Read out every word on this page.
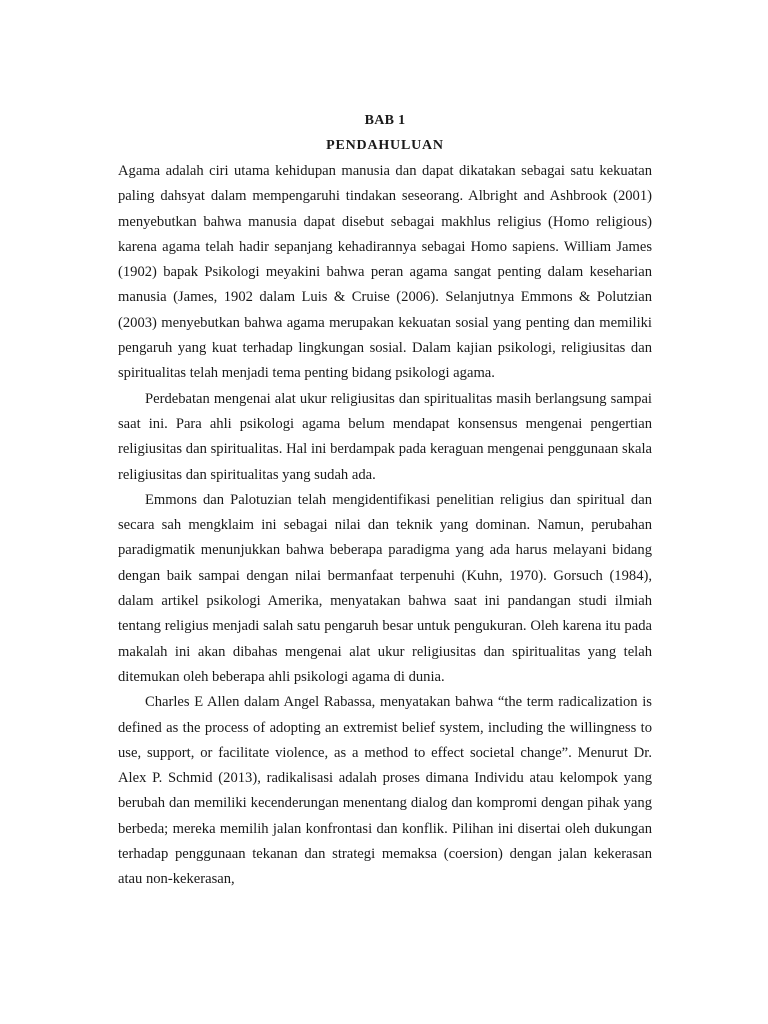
BAB 1
PENDAHULUAN

Agama adalah ciri utama kehidupan manusia dan dapat dikatakan sebagai satu kekuatan paling dahsyat dalam mempengaruhi tindakan seseorang. Albright and Ashbrook (2001) menyebutkan bahwa manusia dapat disebut sebagai makhlus religius (Homo religious) karena agama telah hadir sepanjang kehadirannya sebagai Homo sapiens. William James (1902) bapak Psikologi meyakini bahwa peran agama sangat penting dalam keseharian manusia (James, 1902 dalam Luis & Cruise (2006). Selanjutnya Emmons & Polutzian (2003) menyebutkan bahwa agama merupakan kekuatan sosial yang penting dan memiliki pengaruh yang kuat terhadap lingkungan sosial. Dalam kajian psikologi, religiusitas dan spiritualitas telah menjadi tema penting bidang psikologi agama.

Perdebatan mengenai alat ukur religiusitas dan spiritualitas masih berlangsung sampai saat ini. Para ahli psikologi agama belum mendapat konsensus mengenai pengertian religiusitas dan spiritualitas. Hal ini berdampak pada keraguan mengenai penggunaan skala religiusitas dan spiritualitas yang sudah ada.

Emmons dan Palotuzian telah mengidentifikasi penelitian religius dan spiritual dan secara sah mengklaim ini sebagai nilai dan teknik yang dominan. Namun, perubahan paradigmatik menunjukkan bahwa beberapa paradigma yang ada harus melayani bidang dengan baik sampai dengan nilai bermanfaat terpenuhi (Kuhn, 1970). Gorsuch (1984), dalam artikel psikologi Amerika, menyatakan bahwa saat ini pandangan studi ilmiah tentang religius menjadi salah satu pengaruh besar untuk pengukuran. Oleh karena itu pada makalah ini akan dibahas mengenai alat ukur religiusitas dan spiritualitas yang telah ditemukan oleh beberapa ahli psikologi agama di dunia.

Charles E Allen dalam Angel Rabassa, menyatakan bahwa “the term radicalization is defined as the process of adopting an extremist belief system, including the willingness to use, support, or facilitate violence, as a method to effect societal change”. Menurut Dr. Alex P. Schmid (2013), radikalisasi adalah proses dimana Individu atau kelompok yang berubah dan memiliki kecenderungan menentang dialog dan kompromi dengan pihak yang berbeda; mereka memilih jalan konfrontasi dan konflik. Pilihan ini disertai oleh dukungan terhadap penggunaan tekanan dan strategi memaksa (coersion) dengan jalan kekerasan atau non-kekerasan,
